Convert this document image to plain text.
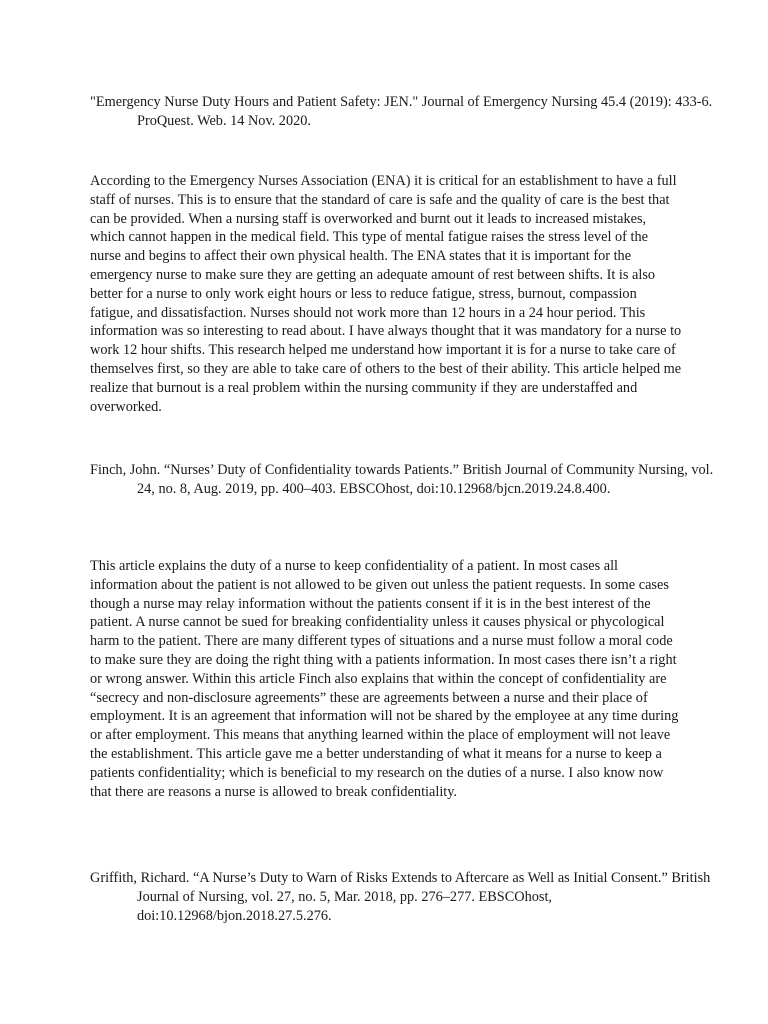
"Emergency Nurse Duty Hours and Patient Safety: JEN." Journal of Emergency Nursing 45.4 (2019): 433-6. ProQuest. Web. 14 Nov. 2020.

According to the Emergency Nurses Association (ENA) it is critical for an establishment to have a full staff of nurses. This is to ensure that the standard of care is safe and the quality of care is the best that can be provided. When a nursing staff is overworked and burnt out it leads to increased mistakes, which cannot happen in the medical field. This type of mental fatigue raises the stress level of the nurse and begins to affect their own physical health. The ENA states that it is important for the emergency nurse to make sure they are getting an adequate amount of rest between shifts. It is also better for a nurse to only work eight hours or less to reduce fatigue, stress, burnout, compassion fatigue, and dissatisfaction. Nurses should not work more than 12 hours in a 24 hour period. This information was so interesting to read about. I have always thought that it was mandatory for a nurse to work 12 hour shifts. This research helped me understand how important it is for a nurse to take care of themselves first, so they are able to take care of others to the best of their ability. This article helped me realize that burnout is a real problem within the nursing community if they are understaffed and overworked.

Finch, John. “Nurses’ Duty of Confidentiality towards Patients.” British Journal of Community Nursing, vol. 24, no. 8, Aug. 2019, pp. 400–403. EBSCOhost, doi:10.12968/bjcn.2019.24.8.400.

This article explains the duty of a nurse to keep confidentiality of a patient. In most cases all information about the patient is not allowed to be given out unless the patient requests. In some cases though a nurse may relay information without the patients consent if it is in the best interest of the patient. A nurse cannot be sued for breaking confidentiality unless it causes physical or phycological harm to the patient. There are many different types of situations and a nurse must follow a moral code to make sure they are doing the right thing with a patients information. In most cases there isn’t a right or wrong answer. Within this article Finch also explains that within the concept of confidentiality are “secrecy and non-disclosure agreements” these are agreements between a nurse and their place of employment. It is an agreement that information will not be shared by the employee at any time during or after employment. This means that anything learned within the place of employment will not leave the establishment. This article gave me a better understanding of what it means for a nurse to keep a patients confidentiality; which is beneficial to my research on the duties of a nurse. I also know now that there are reasons a nurse is allowed to break confidentiality.

Griffith, Richard. “A Nurse’s Duty to Warn of Risks Extends to Aftercare as Well as Initial Consent.” British Journal of Nursing, vol. 27, no. 5, Mar. 2018, pp. 276–277. EBSCOhost, doi:10.12968/bjon.2018.27.5.276.
